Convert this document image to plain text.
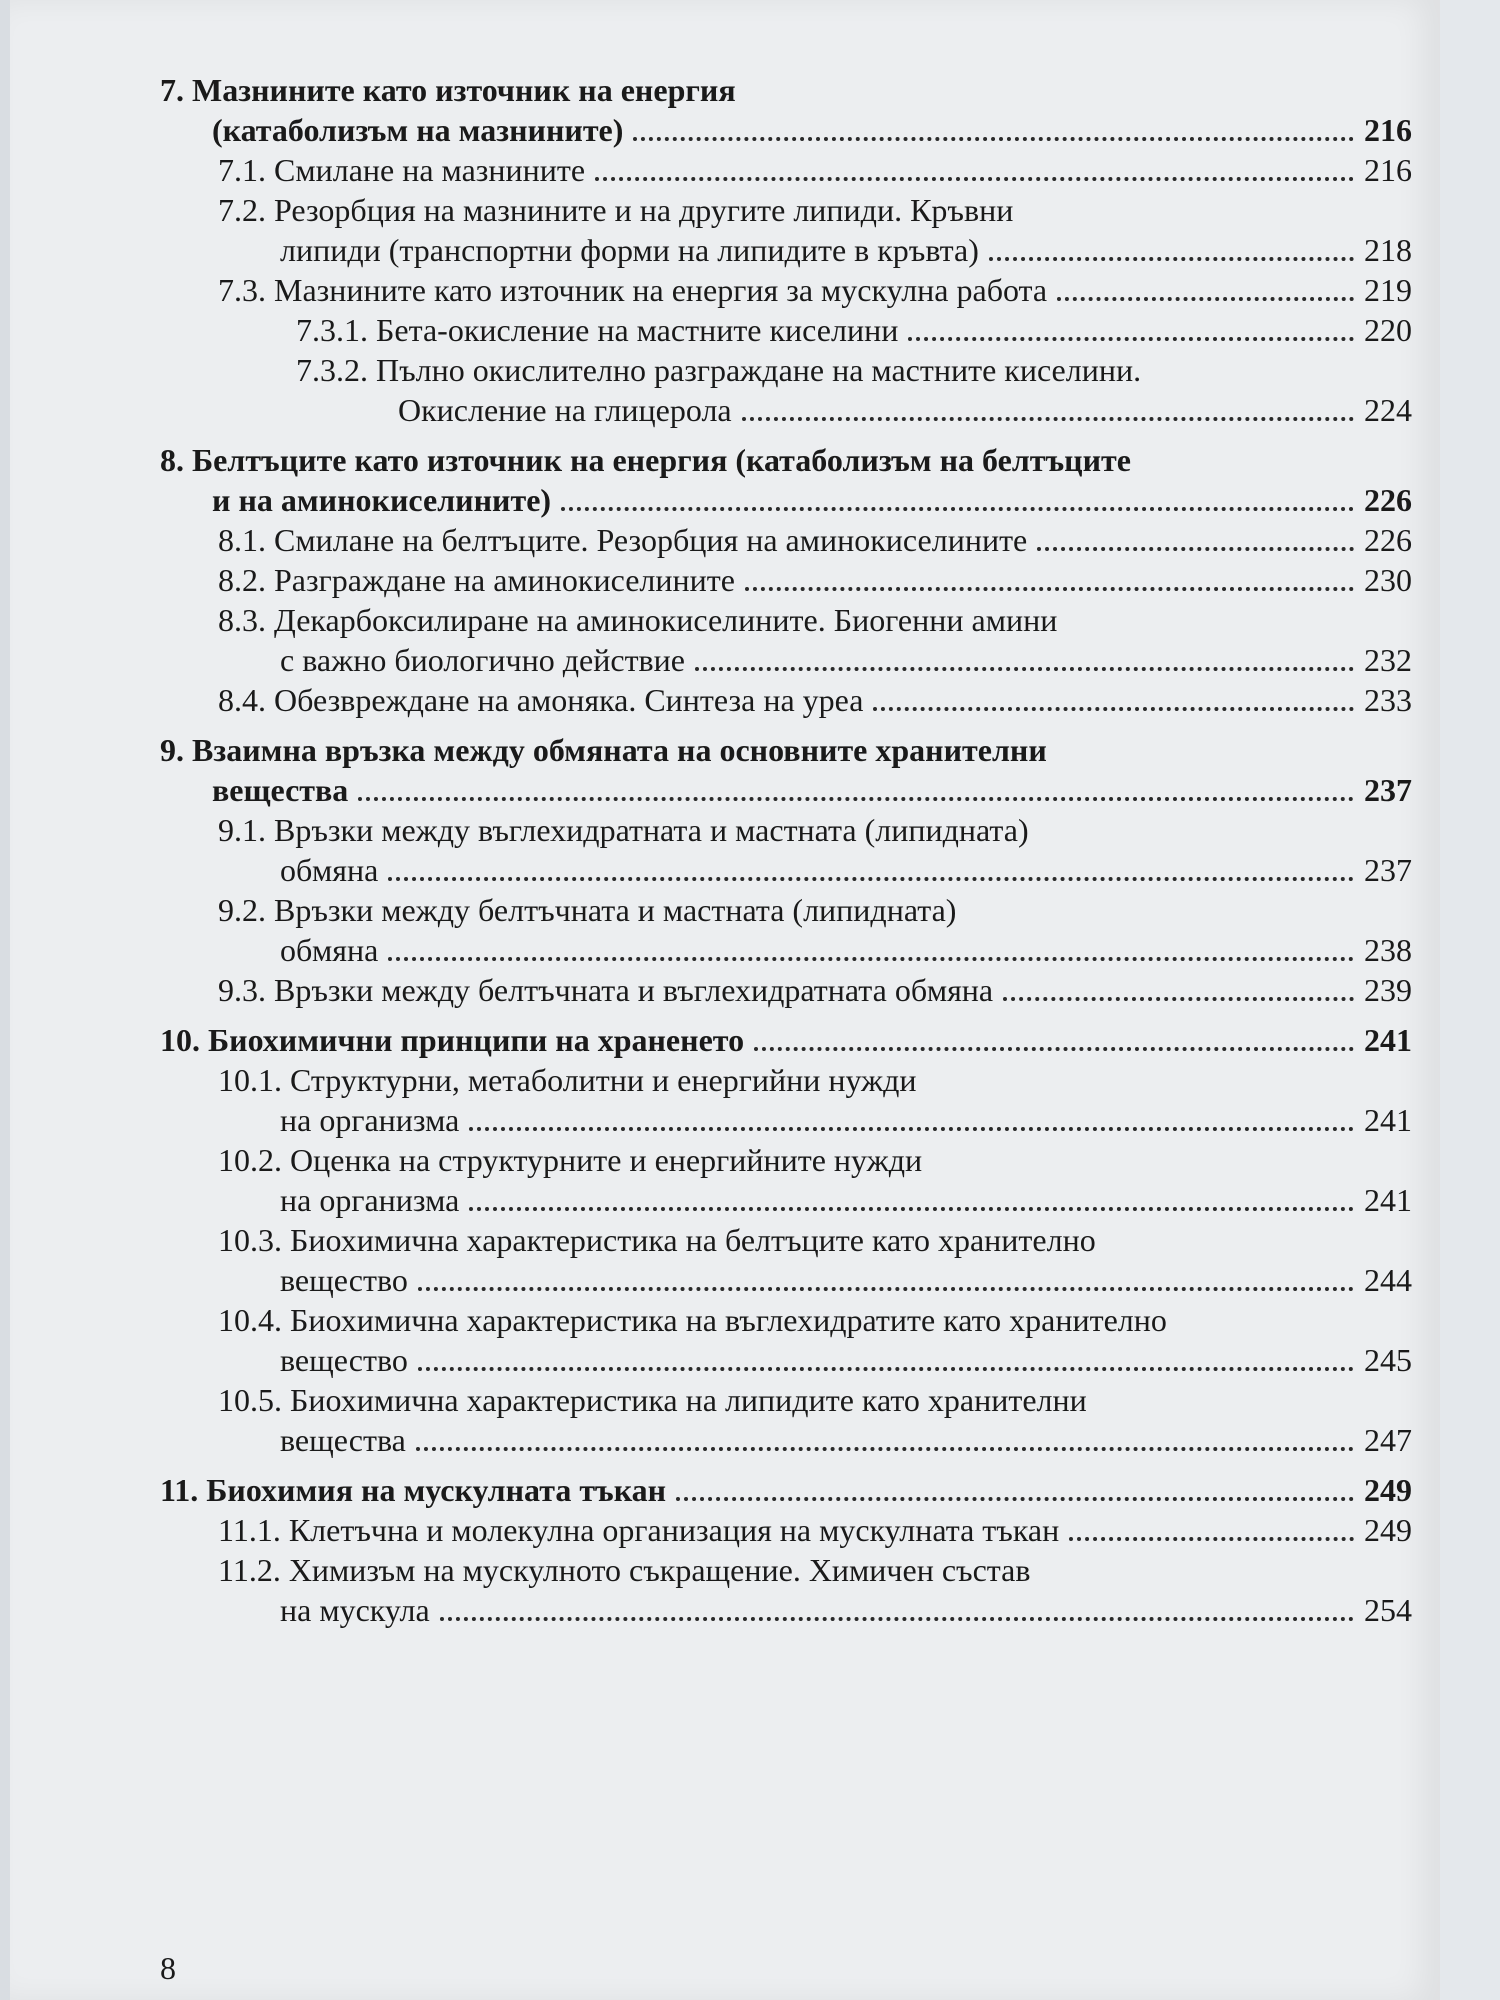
7. Мазнините като източник на енергия
(катаболизъм на мазнините)	216
7.1. Смилане на мазнините	216
7.2. Резорбция на мазнините и на другите липиди. Кръвни
липиди (транспортни форми на липидите в кръвта)	218
7.3. Мазнините като източник на енергия за мускулна работа	219
7.3.1. Бета-окисление на мастните киселини	220
7.3.2. Пълно окислително разграждане на мастните киселини.
Окисление на глицерола	224
8. Белтъците като източник на енергия (катаболизъм на белтъците
и на аминокиселините)	226
8.1. Смилане на белтъците. Резорбция на аминокиселините	226
8.2. Разграждане на аминокиселините	230
8.3. Декарбоксилиране на аминокиселините. Биогенни амини
с важно биологично действие	232
8.4. Обезвреждане на амоняка. Синтеза на уреа	233
9. Взаимна връзка между обмяната на основните хранителни
вещества	237
9.1. Връзки между въглехидратната и мастната (липидната)
обмяна	237
9.2. Връзки между белтъчната и мастната (липидната)
обмяна	238
9.3. Връзки между белтъчната и въглехидратната обмяна	239
10. Биохимични принципи на храненето	241
10.1. Структурни, метаболитни и енергийни нужди
на организма	241
10.2. Оценка на структурните и енергийните нужди
на организма	241
10.3. Биохимична характеристика на белтъците като хранително
вещество	244
10.4. Биохимична характеристика на въглехидратите като хранително
вещество	245
10.5. Биохимична характеристика на липидите като хранителни
вещества	247
11. Биохимия на мускулната тъкан	249
11.1. Клетъчна и молекулна организация на мускулната тъкан	249
11.2. Химизъм на мускулното съкращение. Химичен състав
на мускула	254
8
